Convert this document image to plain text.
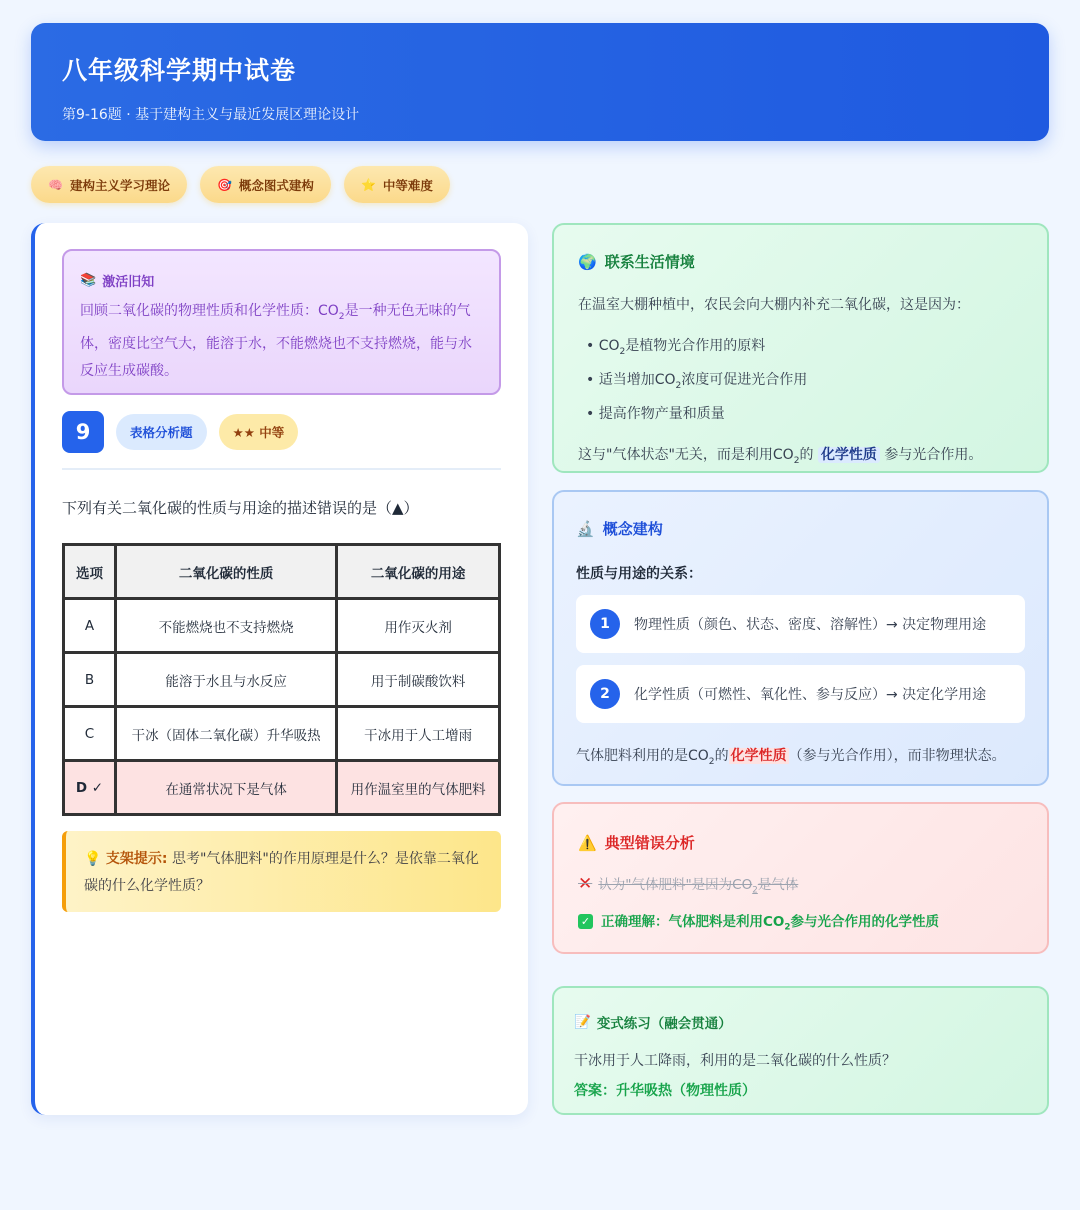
八年级科学期中试卷
第9-16题 · 基于建构主义与最近发展区理论设计
🧠 建构主义学习理论	🎯 概念图式建构	⭐ 中等难度
📚 激活旧知
回顾二氧化碳的物理性质和化学性质：$CO_2$是一种无色无味的气体，密度比空气大，能溶于水，不能燃烧也不支持燃烧，能与水反应生成碳酸。
9	表格分析题	★★ 中等
下列有关二氧化碳的性质与用途的描述错误的是（▲）
选项	二氧化碳的性质	二氧化碳的用途
A	不能燃烧也不支持燃烧	用作灭火剂
B	能溶于水且与水反应	用于制碳酸饮料
C	干冰（固体二氧化碳）升华吸热	干冰用于人工增雨
D ✓	在通常状况下是气体	用作温室里的气体肥料
💡 支架提示: 思考"气体肥料"的作用原理是什么？是依靠二氧化碳的什么化学性质？
🌍 联系生活情境
在温室大棚种植中，农民会向大棚内补充二氧化碳，这是因为：
• $CO_2$是植物光合作用的原料
• 适当增加$CO_2$浓度可促进光合作用
• 提高作物产量和质量
这与"气体状态"无关，而是利用$CO_2$的 化学性质 参与光合作用。
🔬 概念建构
性质与用途的关系：
1	物理性质（颜色、状态、密度、溶解性）→ 决定物理用途
2	化学性质（可燃性、氧化性、参与反应）→ 决定化学用途
气体肥料利用的是$CO_2$的 化学性质 （参与光合作用），而非物理状态。
⚠️ 典型错误分析
✕ 认为"气体肥料"是因为$CO_2$是气体
✓ 正确理解：气体肥料是利用$CO_2$参与光合作用的化学性质
📝 变式练习（融会贯通）
干冰用于人工降雨，利用的是二氧化碳的什么性质？
答案：升华吸热（物理性质）
